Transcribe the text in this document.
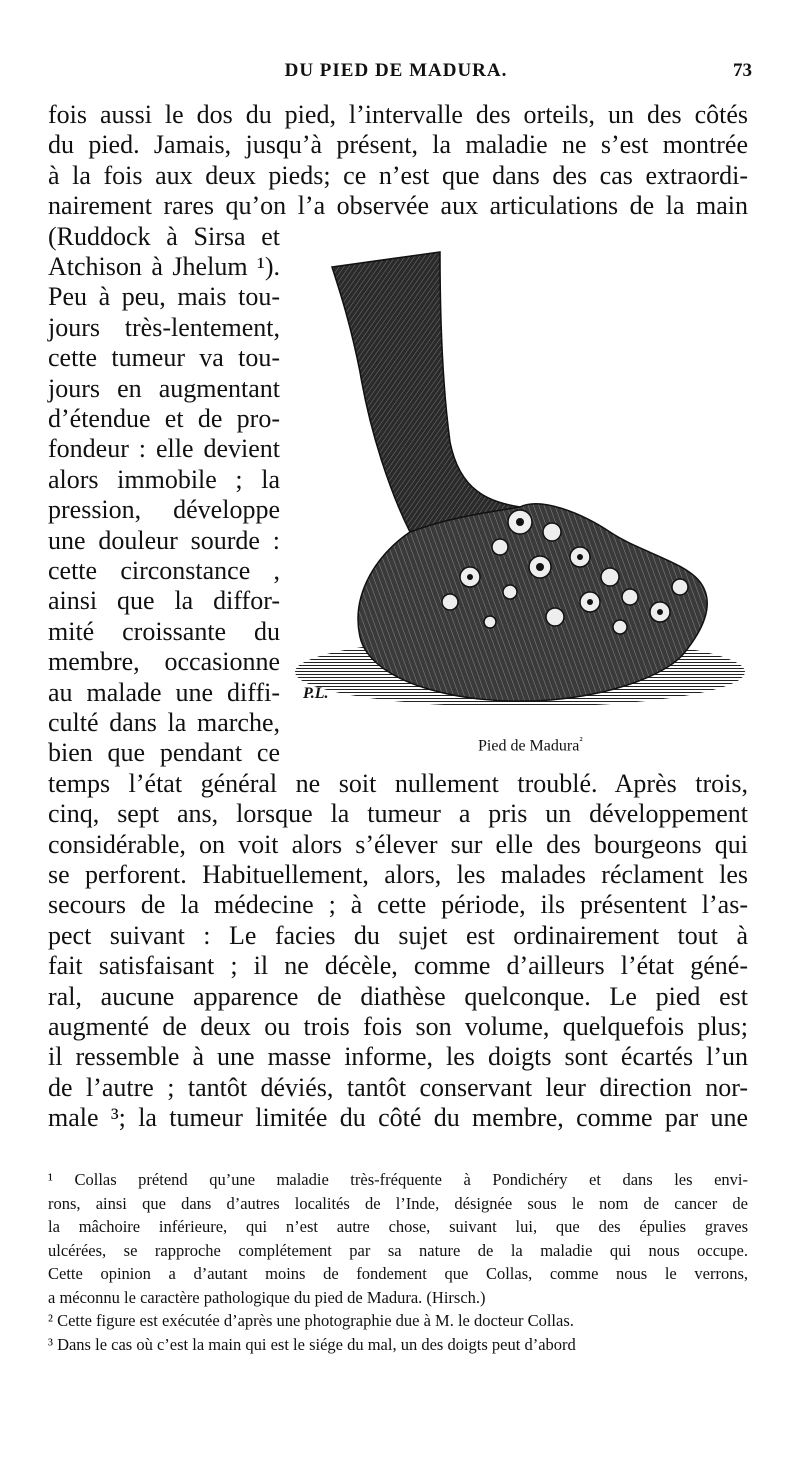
DU PIED DE MADURA.	73
fois aussi le dos du pied, l’intervalle des orteils, un des côtés
du pied. Jamais, jusqu’à présent, la maladie ne s’est montrée
à la fois aux deux pieds; ce n’est que dans des cas extraordi-
nairement rares qu’on l’a observée aux articulations de la main
(Ruddock à Sirsa et
Atchison à Jhelum ¹).
Peu à peu, mais tou-
jours très-lentement,
cette tumeur va tou-
jours en augmentant
d’étendue et de pro-
fondeur : elle devient
alors immobile ; la
pression, développe
une douleur sourde :
cette circonstance ,
ainsi que la diffor-
mité croissante du
membre, occasionne
au malade une diffi-
culté dans la marche,
bien que pendant ce
temps l’état général ne soit nullement troublé. Après trois,
cinq, sept ans, lorsque la tumeur a pris un développement
considérable, on voit alors s’élever sur elle des bourgeons qui
se perforent. Habituellement, alors, les malades réclament les
secours de la médecine ; à cette période, ils présentent l’as-
pect suivant : Le facies du sujet est ordinairement tout à
fait satisfaisant ; il ne décèle, comme d’ailleurs l’état géné-
ral, aucune apparence de diathèse quelconque. Le pied est
augmenté de deux ou trois fois son volume, quelquefois plus;
il ressemble à une masse informe, les doigts sont écartés l’un
de l’autre ; tantôt déviés, tantôt conservant leur direction nor-
male ³; la tumeur limitée du côté du membre, comme par une
P.L.
Pied de Madura$^{^2}$
¹ Collas prétend qu’une maladie très-fréquente à Pondichéry et dans les envi-
rons, ainsi que dans d’autres localités de l’Inde, désignée sous le nom de cancer de
la mâchoire inférieure, qui n’est autre chose, suivant lui, que des épulies graves
ulcérées, se rapproche complétement par sa nature de la maladie qui nous occupe.
Cette opinion a d’autant moins de fondement que Collas, comme nous le verrons,
a méconnu le caractère pathologique du pied de Madura. (Hirsch.)
² Cette figure est exécutée d’après une photographie due à M. le docteur Collas.
³ Dans le cas où c’est la main qui est le siége du mal, un des doigts peut d’abord
